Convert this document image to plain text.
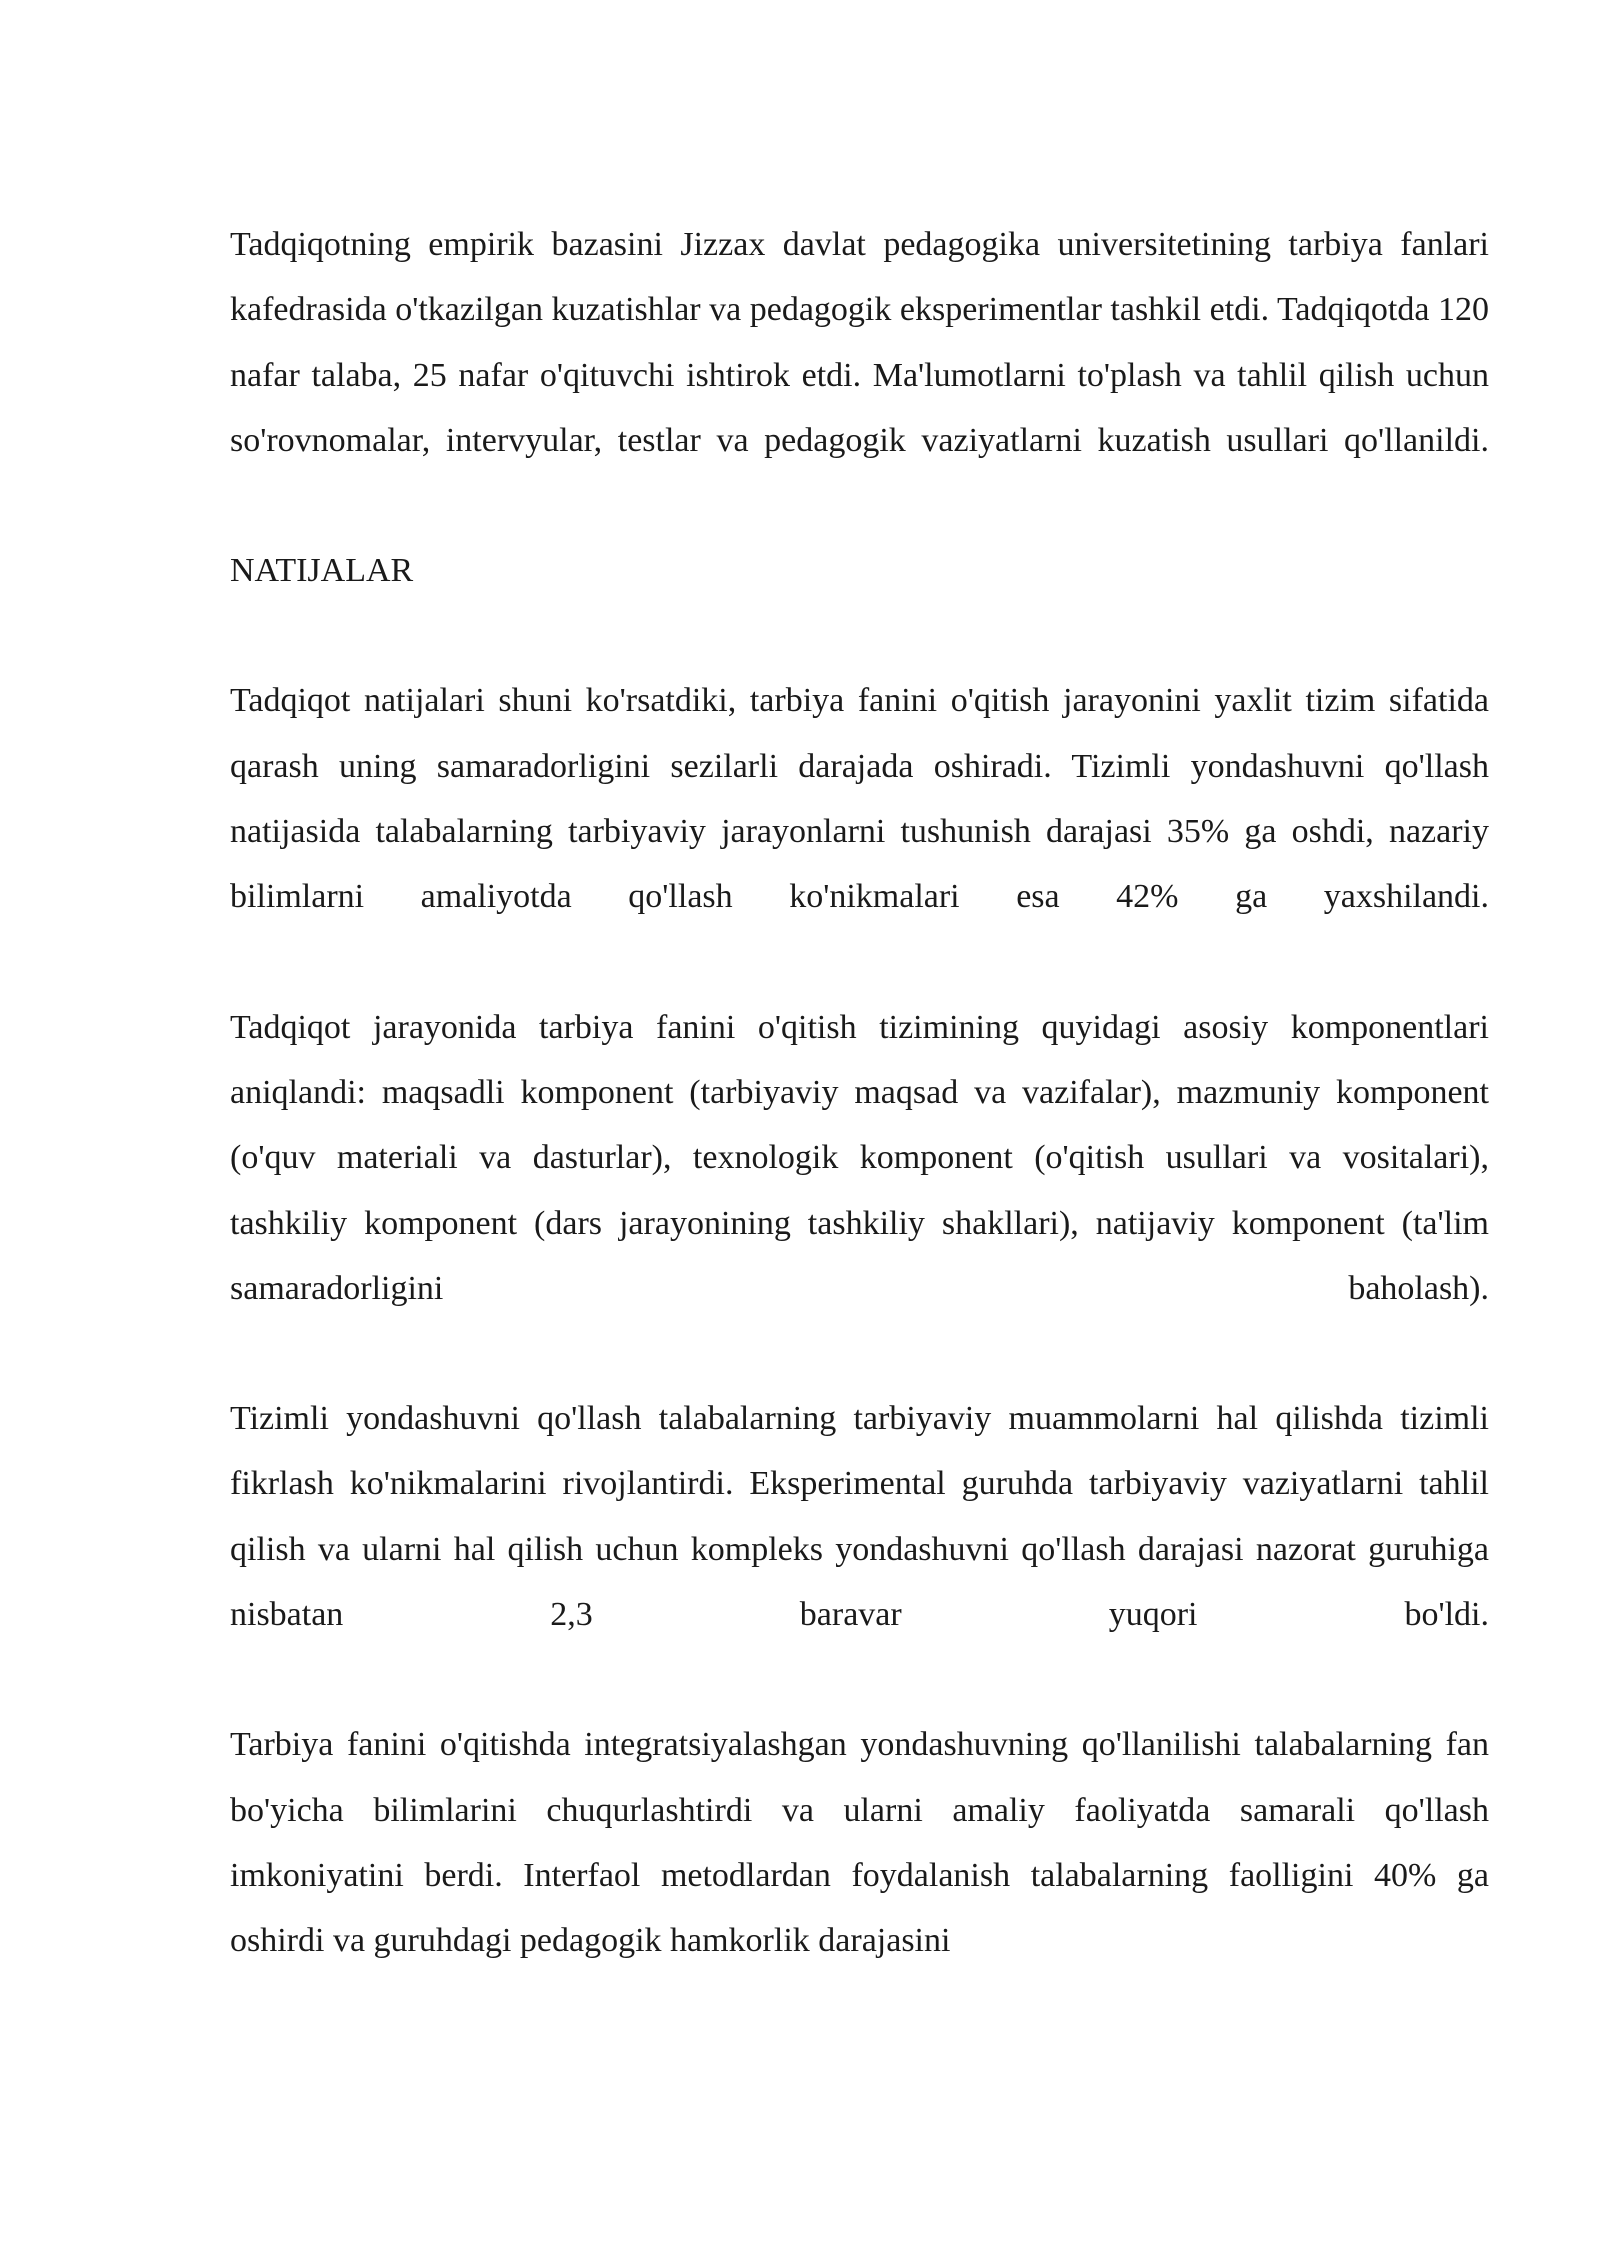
Tadqiqotning empirik bazasini Jizzax davlat pedagogika universitetining tarbiya fanlari kafedrasida o'tkazilgan kuzatishlar va pedagogik eksperimentlar tashkil etdi. Tadqiqotda 120 nafar talaba, 25 nafar o'qituvchi ishtirok etdi. Ma'lumotlarni to'plash va tahlil qilish uchun so'rovnomalar, intervyular, testlar va pedagogik vaziyatlarni kuzatish usullari qo'llanildi.

NATIJALAR

Tadqiqot natijalari shuni ko'rsatdiki, tarbiya fanini o'qitish jarayonini yaxlit tizim sifatida qarash uning samaradorligini sezilarli darajada oshiradi. Tizimli yondashuvni qo'llash natijasida talabalarning tarbiyaviy jarayonlarni tushunish darajasi 35% ga oshdi, nazariy bilimlarni amaliyotda qo'llash ko'nikmalari esa 42% ga yaxshilandi.

Tadqiqot jarayonida tarbiya fanini o'qitish tizimining quyidagi asosiy komponentlari aniqlandi: maqsadli komponent (tarbiyaviy maqsad va vazifalar), mazmuniy komponent (o'quv materiali va dasturlar), texnologik komponent (o'qitish usullari va vositalari), tashkiliy komponent (dars jarayonining tashkiliy shakllari), natijaviy komponent (ta'lim samaradorligini baholash).

Tizimli yondashuvni qo'llash talabalarning tarbiyaviy muammolarni hal qilishda tizimli fikrlash ko'nikmalarini rivojlantirdi. Eksperimental guruhda tarbiyaviy vaziyatlarni tahlil qilish va ularni hal qilish uchun kompleks yondashuvni qo'llash darajasi nazorat guruhiga nisbatan 2,3 baravar yuqori bo'ldi.

Tarbiya fanini o'qitishda integratsiyalashgan yondashuvning qo'llanilishi talabalarning fan bo'yicha bilimlarini chuqurlashtirdi va ularni amaliy faoliyatda samarali qo'llash imkoniyatini berdi. Interfaol metodlardan foydalanish talabalarning faolligini 40% ga oshirdi va guruhdagi pedagogik hamkorlik darajasini
